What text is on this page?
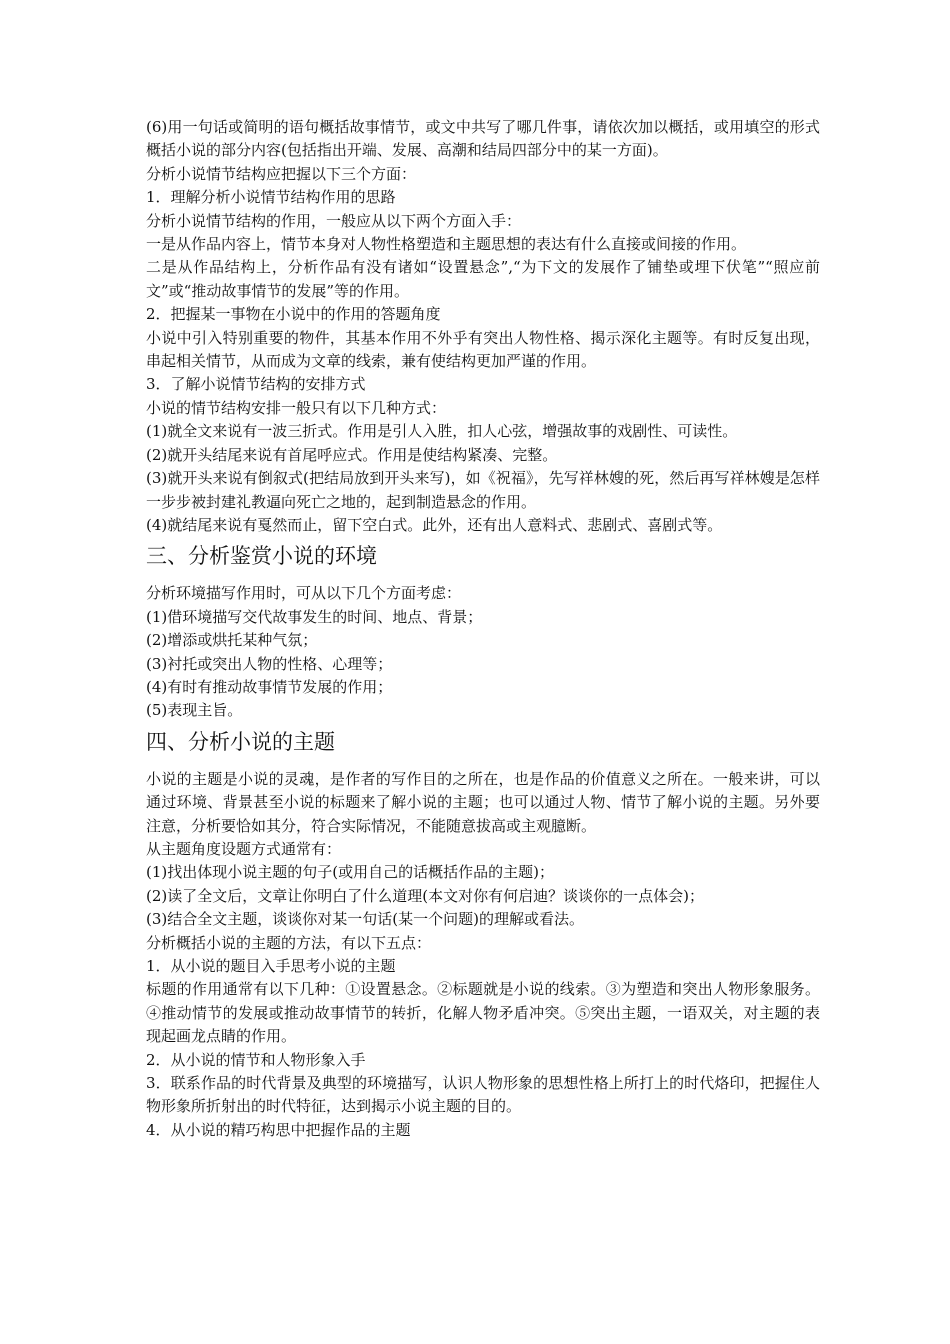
(6)用一句话或简明的语句概括故事情节，或文中共写了哪几件事，请依次加以概括，或用填空的形式概括小说的部分内容(包括指出开端、发展、高潮和结局四部分中的某一方面)。

分析小说情节结构应把握以下三个方面：

1．理解分析小说情节结构作用的思路

分析小说情节结构的作用，一般应从以下两个方面入手：

一是从作品内容上，情节本身对人物性格塑造和主题思想的表达有什么直接或间接的作用。

二是从作品结构上，分析作品有没有诸如“设置悬念”,“为下文的发展作了铺垫或埋下伏笔”“照应前文”或“推动故事情节的发展”等的作用。

2．把握某一事物在小说中的作用的答题角度

小说中引入特别重要的物件，其基本作用不外乎有突出人物性格、揭示深化主题等。有时反复出现，串起相关情节，从而成为文章的线索，兼有使结构更加严谨的作用。

3．了解小说情节结构的安排方式

小说的情节结构安排一般只有以下几种方式：

(1)就全文来说有一波三折式。作用是引人入胜，扣人心弦，增强故事的戏剧性、可读性。

(2)就开头结尾来说有首尾呼应式。作用是使结构紧凑、完整。

(3)就开头来说有倒叙式(把结局放到开头来写)，如《祝福》，先写祥林嫂的死，然后再写祥林嫂是怎样一步步被封建礼教逼向死亡之地的，起到制造悬念的作用。

(4)就结尾来说有戛然而止，留下空白式。此外，还有出人意料式、悲剧式、喜剧式等。

三、分析鉴赏小说的环境

分析环境描写作用时，可从以下几个方面考虑：

(1)借环境描写交代故事发生的时间、地点、背景；

(2)增添或烘托某种气氛；

(3)衬托或突出人物的性格、心理等；

(4)有时有推动故事情节发展的作用；

(5)表现主旨。

四、分析小说的主题

小说的主题是小说的灵魂，是作者的写作目的之所在，也是作品的价值意义之所在。一般来讲，可以通过环境、背景甚至小说的标题来了解小说的主题；也可以通过人物、情节了解小说的主题。另外要注意，分析要恰如其分，符合实际情况，不能随意拔高或主观臆断。

从主题角度设题方式通常有：

(1)找出体现小说主题的句子(或用自己的话概括作品的主题)；

(2)读了全文后，文章让你明白了什么道理(本文对你有何启迪？谈谈你的一点体会)；

(3)结合全文主题，谈谈你对某一句话(某一个问题)的理解或看法。

分析概括小说的主题的方法，有以下五点：

1．从小说的题目入手思考小说的主题

标题的作用通常有以下几种：①设置悬念。②标题就是小说的线索。③为塑造和突出人物形象服务。④推动情节的发展或推动故事情节的转折，化解人物矛盾冲突。⑤突出主题，一语双关，对主题的表现起画龙点睛的作用。

2．从小说的情节和人物形象入手

3．联系作品的时代背景及典型的环境描写，认识人物形象的思想性格上所打上的时代烙印，把握住人物形象所折射出的时代特征，达到揭示小说主题的目的。

4．从小说的精巧构思中把握作品的主题
